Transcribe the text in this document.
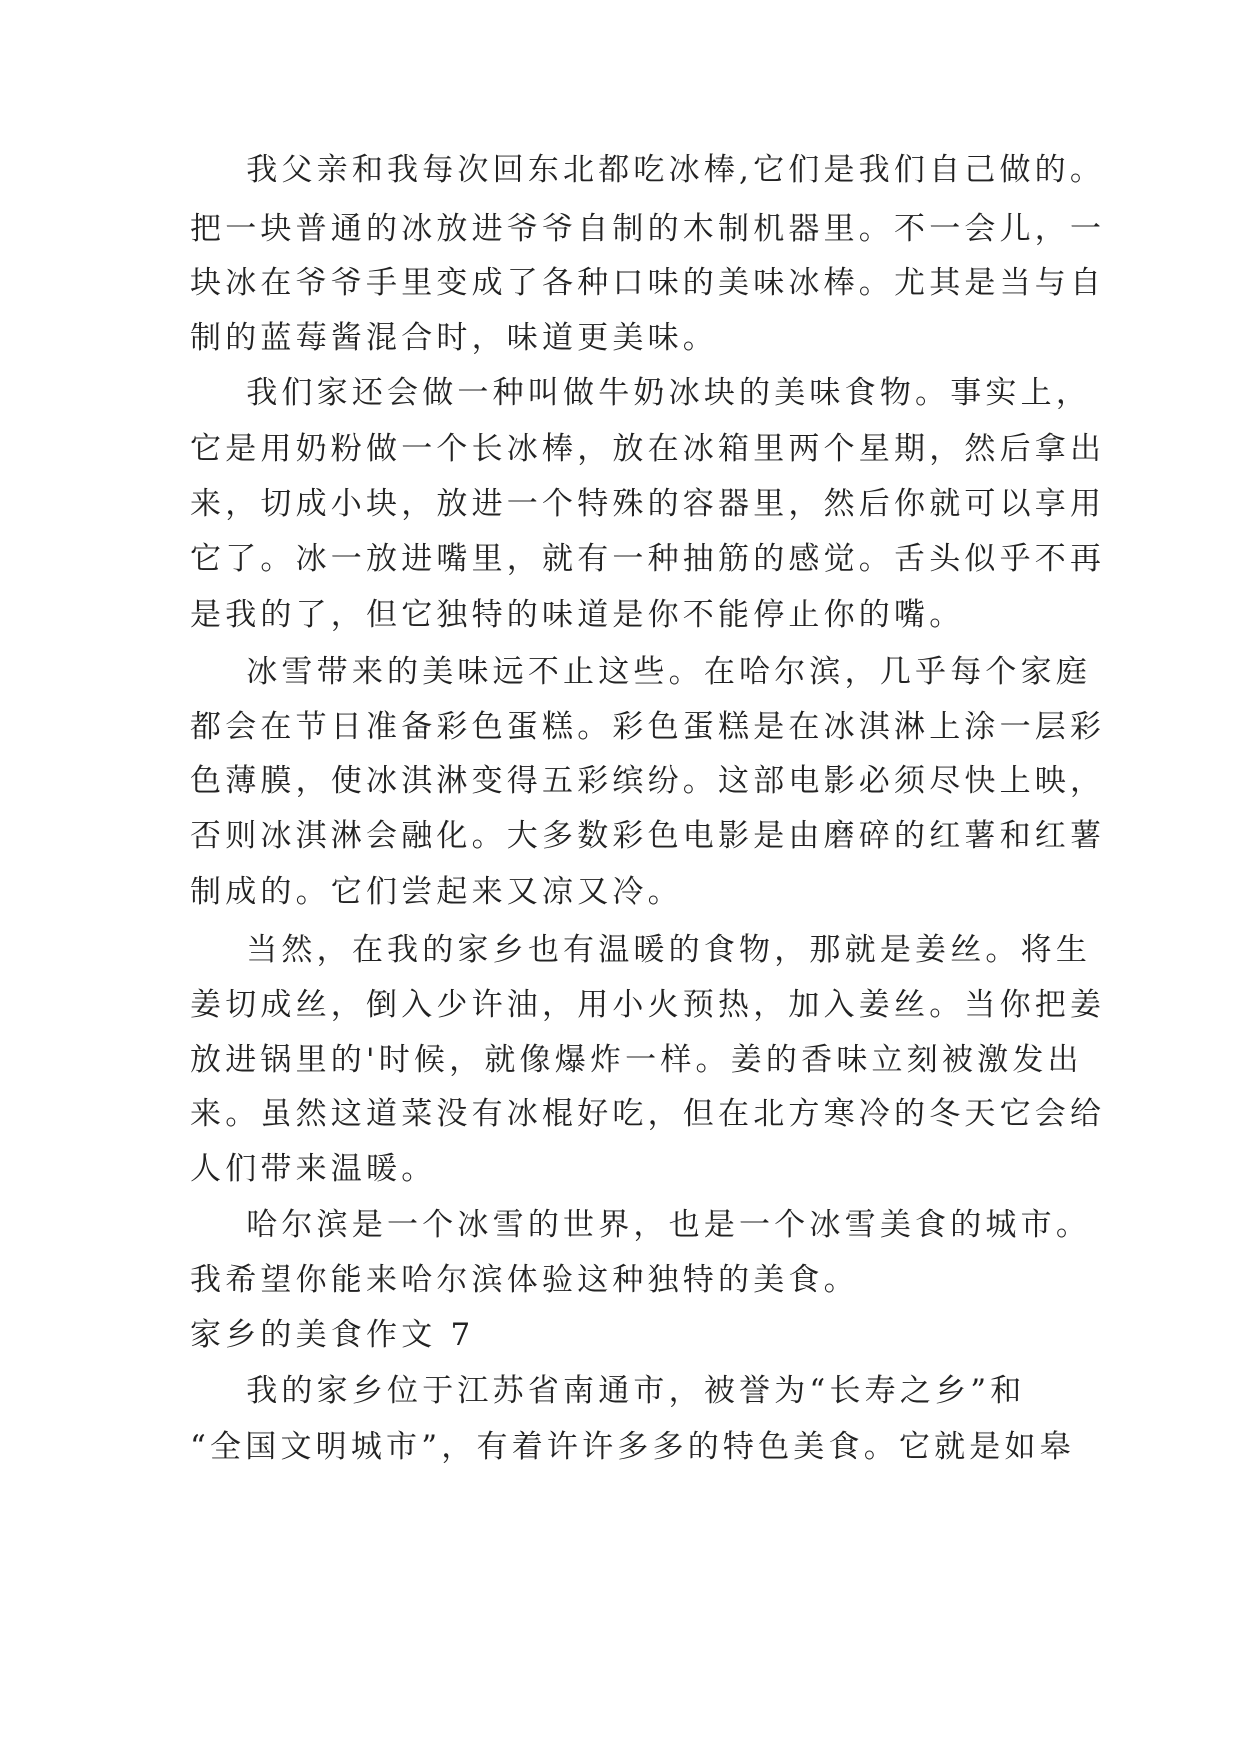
我父亲和我每次回东北都吃冰棒,它们是我们自己做的。
把一块普通的冰放进爷爷自制的木制机器里。不一会儿，一
块冰在爷爷手里变成了各种口味的美味冰棒。尤其是当与自
制的蓝莓酱混合时，味道更美味。
我们家还会做一种叫做牛奶冰块的美味食物。事实上，
它是用奶粉做一个长冰棒，放在冰箱里两个星期，然后拿出
来，切成小块，放进一个特殊的容器里，然后你就可以享用
它了。冰一放进嘴里，就有一种抽筋的感觉。舌头似乎不再
是我的了，但它独特的味道是你不能停止你的嘴。
冰雪带来的美味远不止这些。在哈尔滨，几乎每个家庭
都会在节日准备彩色蛋糕。彩色蛋糕是在冰淇淋上涂一层彩
色薄膜，使冰淇淋变得五彩缤纷。这部电影必须尽快上映，
否则冰淇淋会融化。大多数彩色电影是由磨碎的红薯和红薯
制成的。它们尝起来又凉又冷。
当然，在我的家乡也有温暖的食物，那就是姜丝。将生
姜切成丝，倒入少许油，用小火预热，加入姜丝。当你把姜
放进锅里的'时候，就像爆炸一样。姜的香味立刻被激发出
来。虽然这道菜没有冰棍好吃，但在北方寒冷的冬天它会给
人们带来温暖。
哈尔滨是一个冰雪的世界，也是一个冰雪美食的城市。
我希望你能来哈尔滨体验这种独特的美食。
家乡的美食作文 7
我的家乡位于江苏省南通市，被誉为“长寿之乡”和
“全国文明城市”，有着许许多多的特色美食。它就是如皋
